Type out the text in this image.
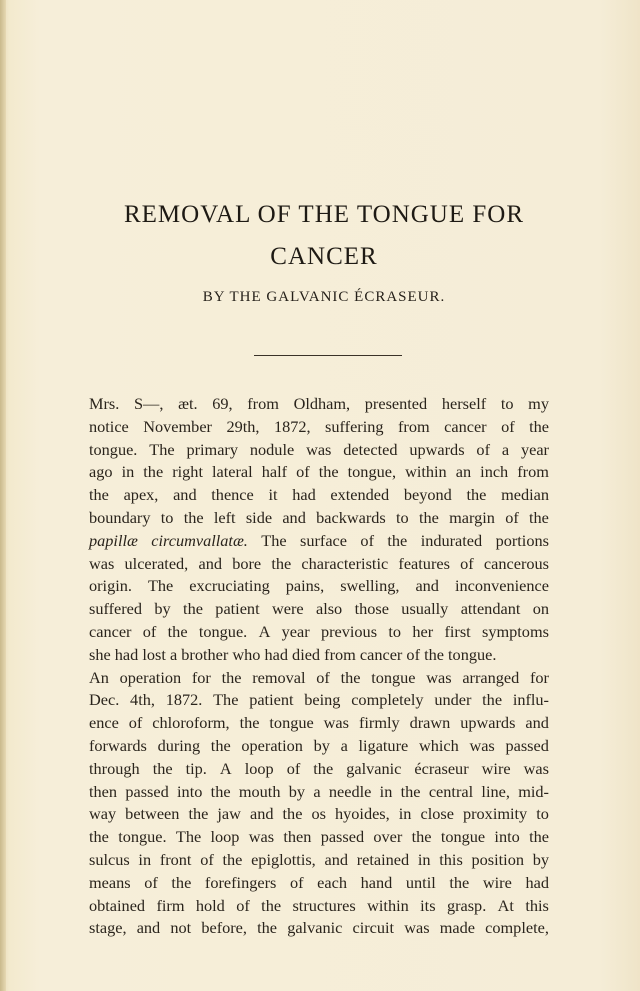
REMOVAL OF THE TONGUE FOR
CANCER
BY THE GALVANIC ÉCRASEUR.
Mrs. S—, æt. 69, from Oldham, presented herself to my
notice November 29th, 1872, suffering from cancer of the
tongue. The primary nodule was detected upwards of a year
ago in the right lateral half of the tongue, within an inch from
the apex, and thence it had extended beyond the median
boundary to the left side and backwards to the margin of the
papillæ circumvallatæ. The surface of the indurated portions
was ulcerated, and bore the characteristic features of cancerous
origin. The excruciating pains, swelling, and inconvenience
suffered by the patient were also those usually attendant on
cancer of the tongue. A year previous to her first symptoms
she had lost a brother who had died from cancer of the tongue.
An operation for the removal of the tongue was arranged for
Dec. 4th, 1872. The patient being completely under the influ-
ence of chloroform, the tongue was firmly drawn upwards and
forwards during the operation by a ligature which was passed
through the tip. A loop of the galvanic écraseur wire was
then passed into the mouth by a needle in the central line, mid-
way between the jaw and the os hyoides, in close proximity to
the tongue. The loop was then passed over the tongue into the
sulcus in front of the epiglottis, and retained in this position by
means of the forefingers of each hand until the wire had
obtained firm hold of the structures within its grasp. At this
stage, and not before, the galvanic circuit was made complete,
